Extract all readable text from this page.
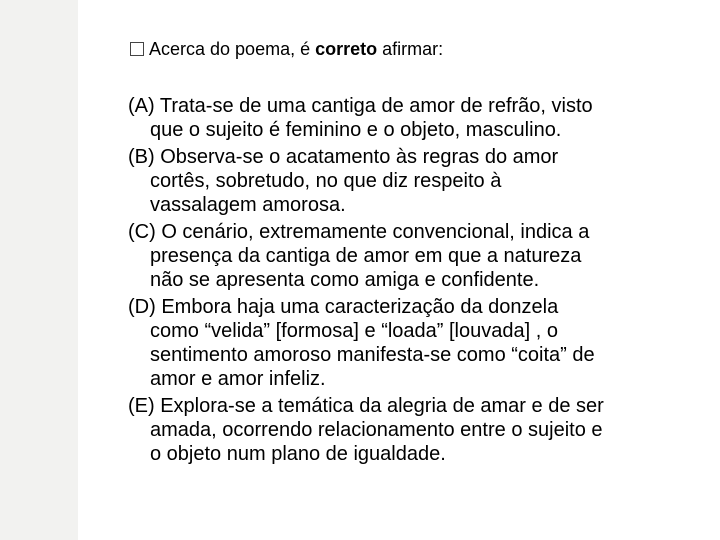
Acerca do poema, é correto afirmar:
(A) Trata-se de uma cantiga de amor de refrão, visto
que o sujeito é feminino e o objeto, masculino.
(B) Observa-se o acatamento às regras do amor
cortês, sobretudo, no que diz respeito à
vassalagem amorosa.
(C) O cenário, extremamente convencional, indica a
presença da cantiga de amor em que a natureza
não se apresenta como amiga e confidente.
(D) Embora haja uma caracterização da donzela
como “velida” [formosa] e “loada” [louvada] , o
sentimento amoroso manifesta-se como “coita” de
amor e amor infeliz.
(E) Explora-se a temática da alegria de amar e de ser
amada, ocorrendo relacionamento entre o sujeito e
o objeto num plano de igualdade.
